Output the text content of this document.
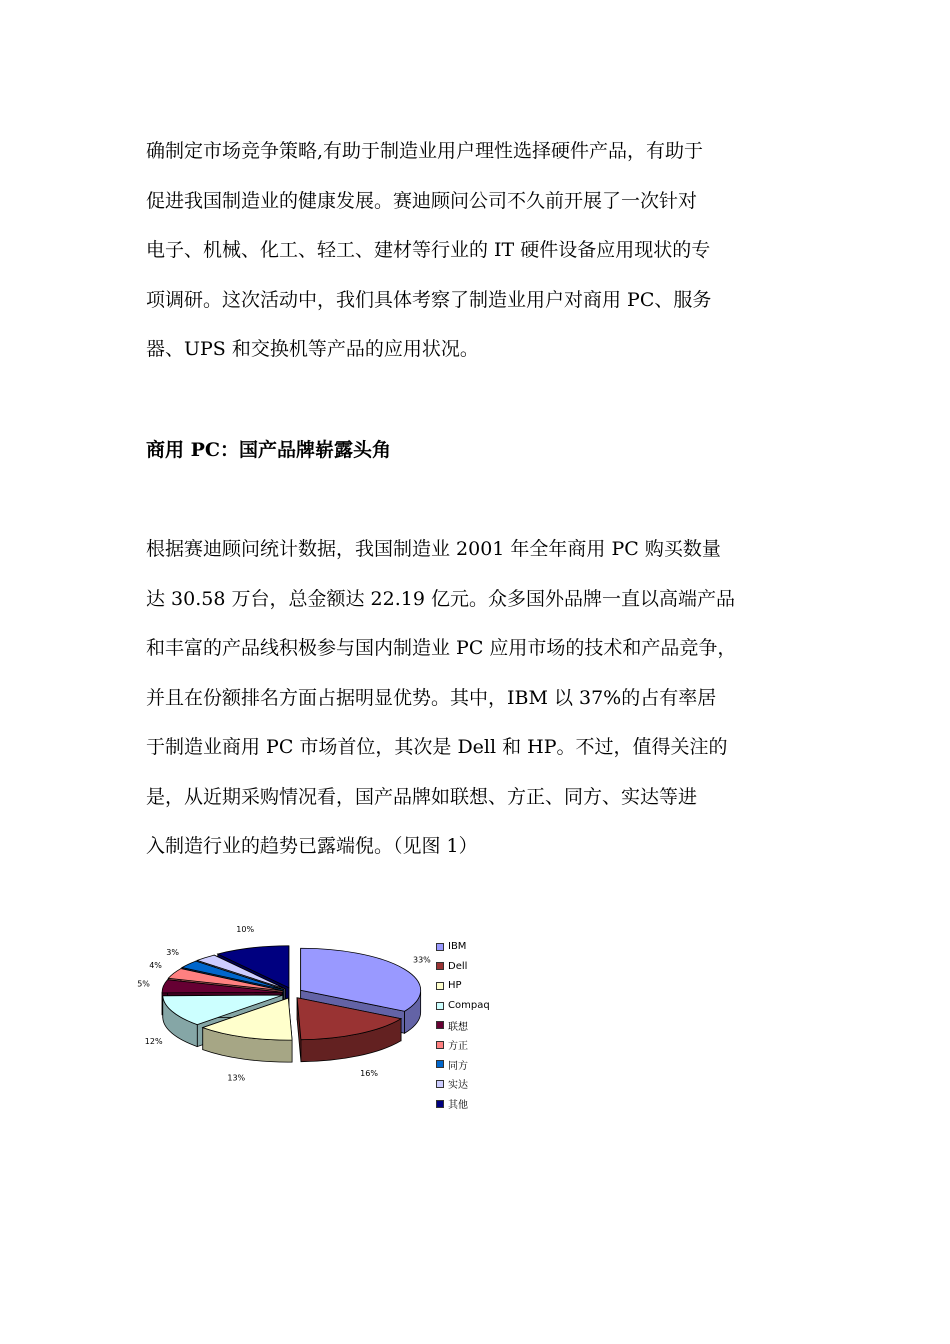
确制定市场竞争策略,有助于制造业用户理性选择硬件产品，有助于
促进我国制造业的健康发展。赛迪顾问公司不久前开展了一次针对
电子、机械、化工、轻工、建材等行业的 IT 硬件设备应用现状的专
项调研。这次活动中，我们具体考察了制造业用户对商用 PC、服务
器、UPS 和交换机等产品的应用状况。
商用 PC：国产品牌崭露头角
根据赛迪顾问统计数据，我国制造业 2001 年全年商用 PC 购买数量
达 30.58 万台，总金额达 22.19 亿元。众多国外品牌一直以高端产品
和丰富的产品线积极参与国内制造业 PC 应用市场的技术和产品竞争，
并且在份额排名方面占据明显优势。其中，IBM 以 37%的占有率居
于制造业商用 PC 市场首位，其次是 Dell 和 HP。不过，值得关注的
是，从近期采购情况看，国产品牌如联想、方正、同方、实达等进
入制造行业的趋势已露端倪。（见图 1）
33%
16%
13%
12%
5%
4%
3%
10%
IBM
Dell
HP
Compaq
联想
方正
同方
实达
其他
